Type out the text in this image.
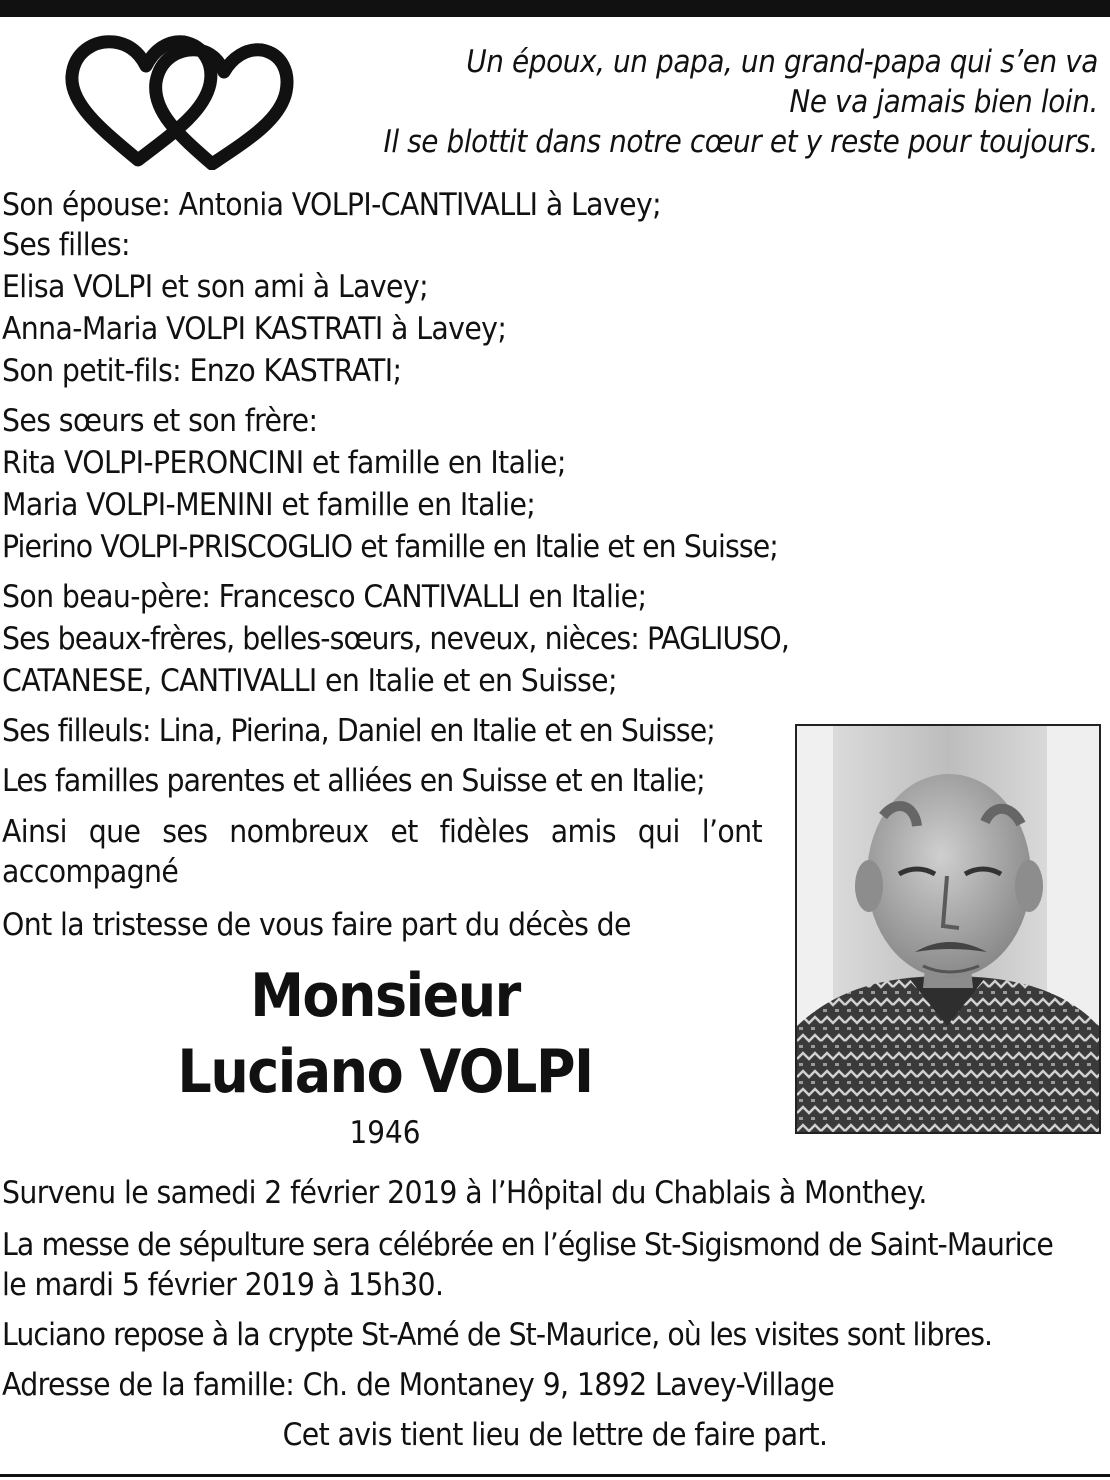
Un époux, un papa, un grand-papa qui s’en va
Ne va jamais bien loin.
Il se blottit dans notre cœur et y reste pour toujours.
Son épouse: Antonia VOLPI-CANTIVALLI à Lavey;
Ses filles:
Elisa VOLPI et son ami à Lavey;
Anna-Maria VOLPI KASTRATI à Lavey;
Son petit-fils: Enzo KASTRATI;
Ses sœurs et son frère:
Rita VOLPI-PERONCINI et famille en Italie;
Maria VOLPI-MENINI et famille en Italie;
Pierino VOLPI-PRISCOGLIO et famille en Italie et en Suisse;
Son beau-père: Francesco CANTIVALLI en Italie;
Ses beaux-frères, belles-sœurs, neveux, nièces: PAGLIUSO,
CATANESE, CANTIVALLI en Italie et en Suisse;
Ses filleuls: Lina, Pierina, Daniel en Italie et en Suisse;
Les familles parentes et alliées en Suisse et en Italie;
Ainsi que ses nombreux et fidèles amis qui l’ont accompagné
Ont la tristesse de vous faire part du décès de
Monsieur
Luciano VOLPI
1946
Survenu le samedi 2 février 2019 à l’Hôpital du Chablais à Monthey.
La messe de sépulture sera célébrée en l’église St-Sigismond de Saint-Maurice
le mardi 5 février 2019 à 15h30.
Luciano repose à la crypte St-Amé de St-Maurice, où les visites sont libres.
Adresse de la famille: Ch. de Montaney 9, 1892 Lavey-Village
Cet avis tient lieu de lettre de faire part.
